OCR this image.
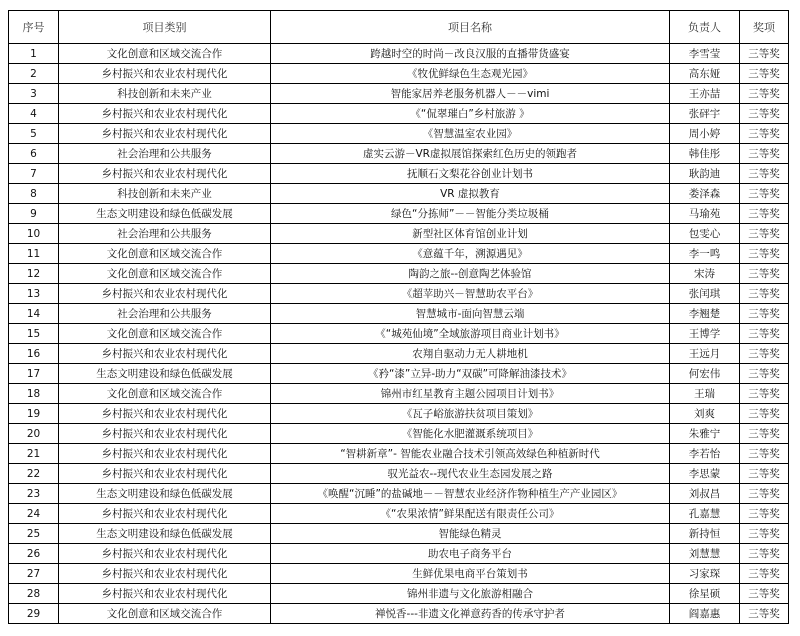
序号	项目类别	项目名称	负责人	奖项
1	文化创意和区域交流合作	跨越时空的时尚－改良汉服的直播带货盛宴	李雪莹	三等奖
2	乡村振兴和农业农村现代化	《牧优鲜绿色生态观光园》	高东娅	三等奖
3	科技创新和未来产业	智能家居养老服务机器人－－vimi	王亦喆	三等奖
4	乡村振兴和农业农村现代化	《“侃翠璀白”乡村旅游 》	张砰宇	三等奖
5	乡村振兴和农业农村现代化	《智慧温室农业园》	周小婷	三等奖
6	社会治理和公共服务	虚实云游－VR虚拟展馆探索红色历史的领跑者	韩佳彤	三等奖
7	乡村振兴和农业农村现代化	抚顺石文梨花谷创业计划书	耿韵迪	三等奖
8	科技创新和未来产业	VR 虚拟教育	娄泽森	三等奖
9	生态文明建设和绿色低碳发展	绿色“分拣师”－－智能分类垃圾桶	马瑜苑	三等奖
10	社会治理和公共服务	新型社区体育馆创业计划	包雯心	三等奖
11	文化创意和区域交流合作	《意蕴千年，溯源遇见》	李一鸣	三等奖
12	文化创意和区域交流合作	陶韵之旅--创意陶艺体验馆	宋涛	三等奖
13	乡村振兴和农业农村现代化	《超苹助兴－智慧助农平台》	张闰琪	三等奖
14	社会治理和公共服务	智慧城市-面向智慧云端	李翘楚	三等奖
15	文化创意和区域交流合作	《“城苑仙境”全域旅游项目商业计划书》	王博学	三等奖
16	乡村振兴和农业农村现代化	农翔自驱动力无人耕地机	王远月	三等奖
17	生态文明建设和绿色低碳发展	《矜“漆”立异-助力“双碳”可降解油漆技术》	何宏伟	三等奖
18	文化创意和区域交流合作	锦州市红星教育主题公园项目计划书》	王瑞	三等奖
19	乡村振兴和农业农村现代化	《瓦子峪旅游扶贫项目策划》	刘爽	三等奖
20	乡村振兴和农业农村现代化	《智能化水肥灌溉系统项目》	朱雅宁	三等奖
21	乡村振兴和农业农村现代化	“智耕新章”- 智能农业融合技术引领高效绿色种植新时代	李若怡	三等奖
22	乡村振兴和农业农村现代化	驭光益农--现代农业生态园发展之路	李思蒙	三等奖
23	生态文明建设和绿色低碳发展	《唤醒“沉睡”的盐碱地－－智慧农业经济作物种植生产产业园区》	刘叔昌	三等奖
24	乡村振兴和农业农村现代化	《“农果浓情”鲜果配送有限责任公司》	孔嘉慧	三等奖
25	生态文明建设和绿色低碳发展	智能绿色精灵	新持恒	三等奖
26	乡村振兴和农业农村现代化	助农电子商务平台	刘慧慧	三等奖
27	乡村振兴和农业农村现代化	生鲜优果电商平台策划书	习家琛	三等奖
28	乡村振兴和农业农村现代化	锦州非遗与文化旅游相融合	徐星硕	三等奖
29	文化创意和区域交流合作	禅悦香---非遗文化禅意药香的传承守护者	阎嘉惠	三等奖
